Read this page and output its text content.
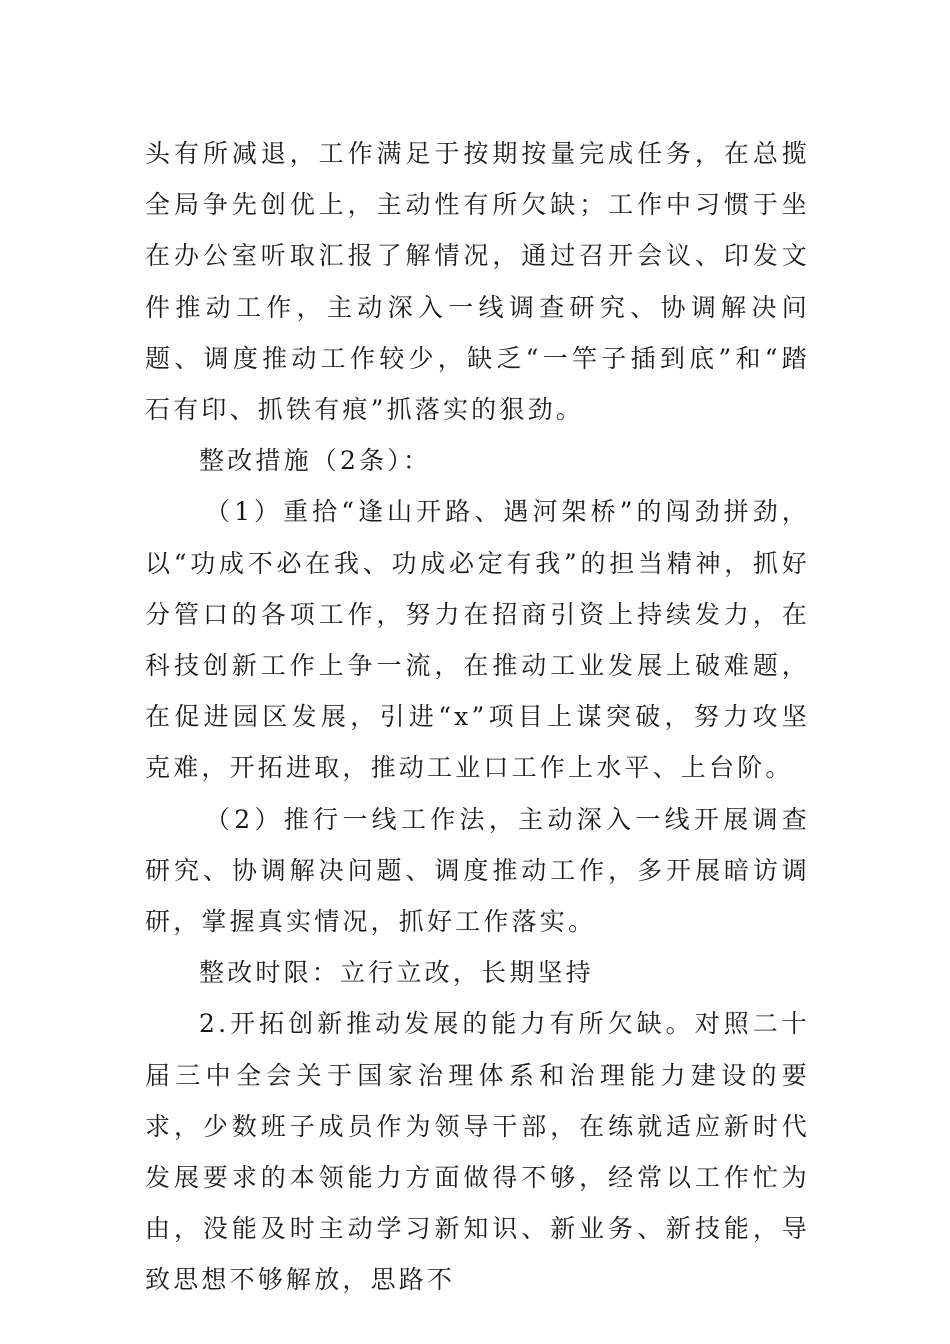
头有所减退，工作满足于按期按量完成任务，在总揽全局争先创优上，主动性有所欠缺；工作中习惯于坐在办公室听取汇报了解情况，通过召开会议、印发文件推动工作，主动深入一线调查研究、协调解决问题、调度推动工作较少，缺乏“一竿子插到底”和“踏石有印、抓铁有痕”抓落实的狠劲。

整改措施（2条）：

（1）重拾“逢山开路、遇河架桥”的闯劲拼劲，以“功成不必在我、功成必定有我”的担当精神，抓好分管口的各项工作，努力在招商引资上持续发力，在科技创新工作上争一流，在推动工业发展上破难题，在促进园区发展，引进“x”项目上谋突破，努力攻坚克难，开拓进取，推动工业口工作上水平、上台阶。

（2）推行一线工作法，主动深入一线开展调查研究、协调解决问题、调度推动工作，多开展暗访调研，掌握真实情况，抓好工作落实。

整改时限：立行立改，长期坚持

2.开拓创新推动发展的能力有所欠缺。对照二十届三中全会关于国家治理体系和治理能力建设的要求，少数班子成员作为领导干部，在练就适应新时代发展要求的本领能力方面做得不够，经常以工作忙为由，没能及时主动学习新知识、新业务、新技能，导致思想不够解放，思路不
